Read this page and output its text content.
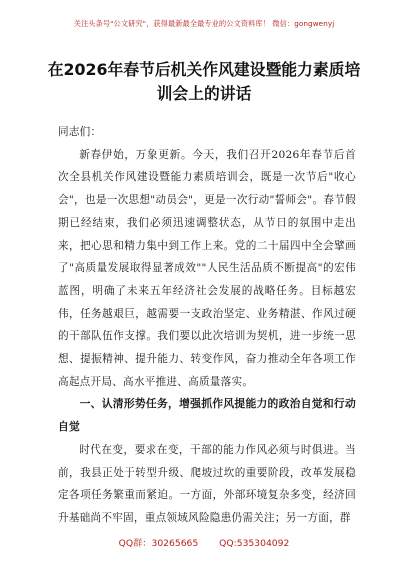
关注头条号"公文研究"，获得最新最全最专业的公文资料库！ 微信：gongwenyj
在2026年春节后机关作风建设暨能力素质培训会上的讲话

同志们：

新春伊始，万象更新。今天，我们召开2026年春节后首次全县机关作风建设暨能力素质培训会，既是一次节后"收心会"，也是一次思想"动员会"，更是一次行动"誓师会"。春节假期已经结束，我们必须迅速调整状态，从节日的氛围中走出来，把心思和精力集中到工作上来。党的二十届四中全会擘画了"高质量发展取得显著成效""人民生活品质不断提高"的宏伟蓝图，明确了未来五年经济社会发展的战略任务。目标越宏伟，任务越艰巨，越需要一支政治坚定、业务精湛、作风过硬的干部队伍作支撑。我们要以此次培训为契机，进一步统一思想、提振精神、提升能力、转变作风，奋力推动全年各项工作高起点开局、高水平推进、高质量落实。

一、认清形势任务，增强抓作风提能力的政治自觉和行动自觉

时代在变，要求在变，干部的能力作风必须与时俱进。当前，我县正处于转型升级、爬坡过坎的重要阶段，改革发展稳定各项任务繁重而紧迫。一方面，外部环境复杂多变，经济回升基础尚不牢固，重点领域风险隐患仍需关注；另一方面，群

QQ群：30265665 QQ:535304092
